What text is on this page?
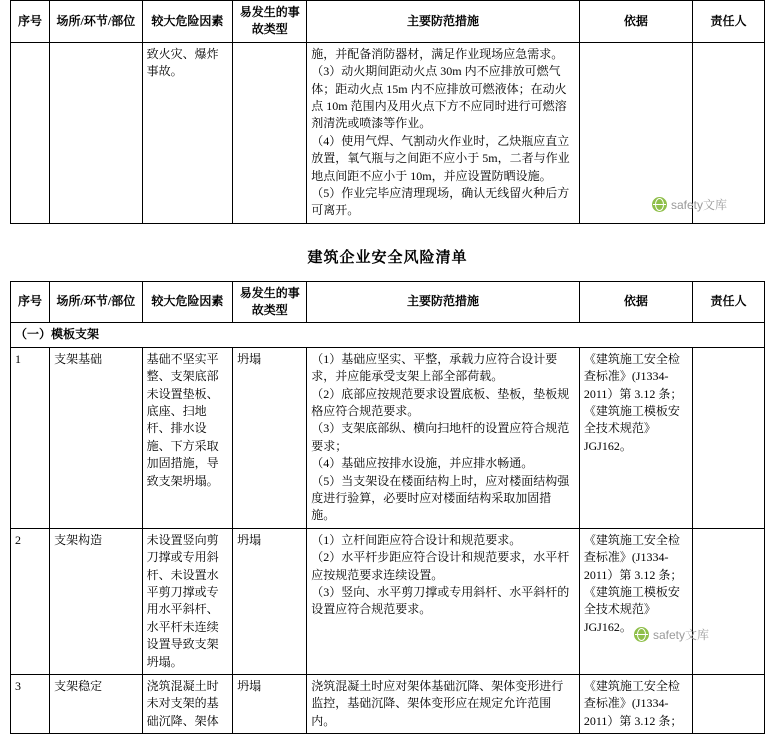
序号	场所/环节/部位	较大危险因素	易发生的事故类型	主要防范措施	依据	责任人

		致火灾、爆炸事故。		施，并配备消防器材，满足作业现场应急需求。
（3）动火期间距动火点 30m 内不应排放可燃气体；距动火点 15m 内不应排放可燃液体；在动火点 10m 范围内及用火点下方不应同时进行可燃溶剂清洗或喷漆等作业。
（4）使用气焊、气割动火作业时，乙炔瓶应直立放置，氧气瓶与之间距不应小于 5m，二者与作业地点间距不应小于 10m，并应设置防晒设施。
（5）作业完毕应清理现场，确认无线留火种后方可离开。		

建筑企业安全风险清单
序号	场所/环节/部位	较大危险因素	易发生的事故类型	主要防范措施	依据	责任人
（一）模板支架						
1	支架基础	基础不坚实平整、支架底部未设置垫板、底座、扫地杆、排水设施、下方采取加固措施，导致支架坍塌。	坍塌	（1）基础应坚实、平整，承载力应符合设计要求，并应能承受支架上部全部荷载。
（2）底部应按规范要求设置底板、垫板，垫板规格应符合规范要求。
（3）支架底部纵、横向扫地杆的设置应符合规范要求；
（4）基础应按排水设施，并应排水畅通。
（5）当支架设在楼面结构上时，应对楼面结构强度进行验算，必要时应对楼面结构采取加固措施。	《建筑施工安全检查标准》(J1334-2011）第 3.12 条；《建筑施工模板安全技术规范》JGJ162。	
2	支架构造	未设置竖向剪刀撑或专用斜杆、未设置水平剪刀撑或专用水平斜杆、水平杆未连续设置导致支架坍塌。	坍塌	（1）立杆间距应符合设计和规范要求。
（2）水平杆步距应符合设计和规范要求，水平杆应按规范要求连续设置。
（3）竖向、水平剪刀撑或专用斜杆、水平斜杆的设置应符合规范要求。	《建筑施工安全检查标准》(J1334-2011）第 3.12 条；《建筑施工模板安全技术规范》JGJ162。	
3	支架稳定	浇筑混凝土时未对支架的基础沉降、架体	坍塌	浇筑混凝土时应对架体基础沉降、架体变形进行监控，基础沉降、架体变形应在规定允许范围内。	《建筑施工安全检查标准》(J1334-2011）第 3.12 条；	
safety文库
safety文库
